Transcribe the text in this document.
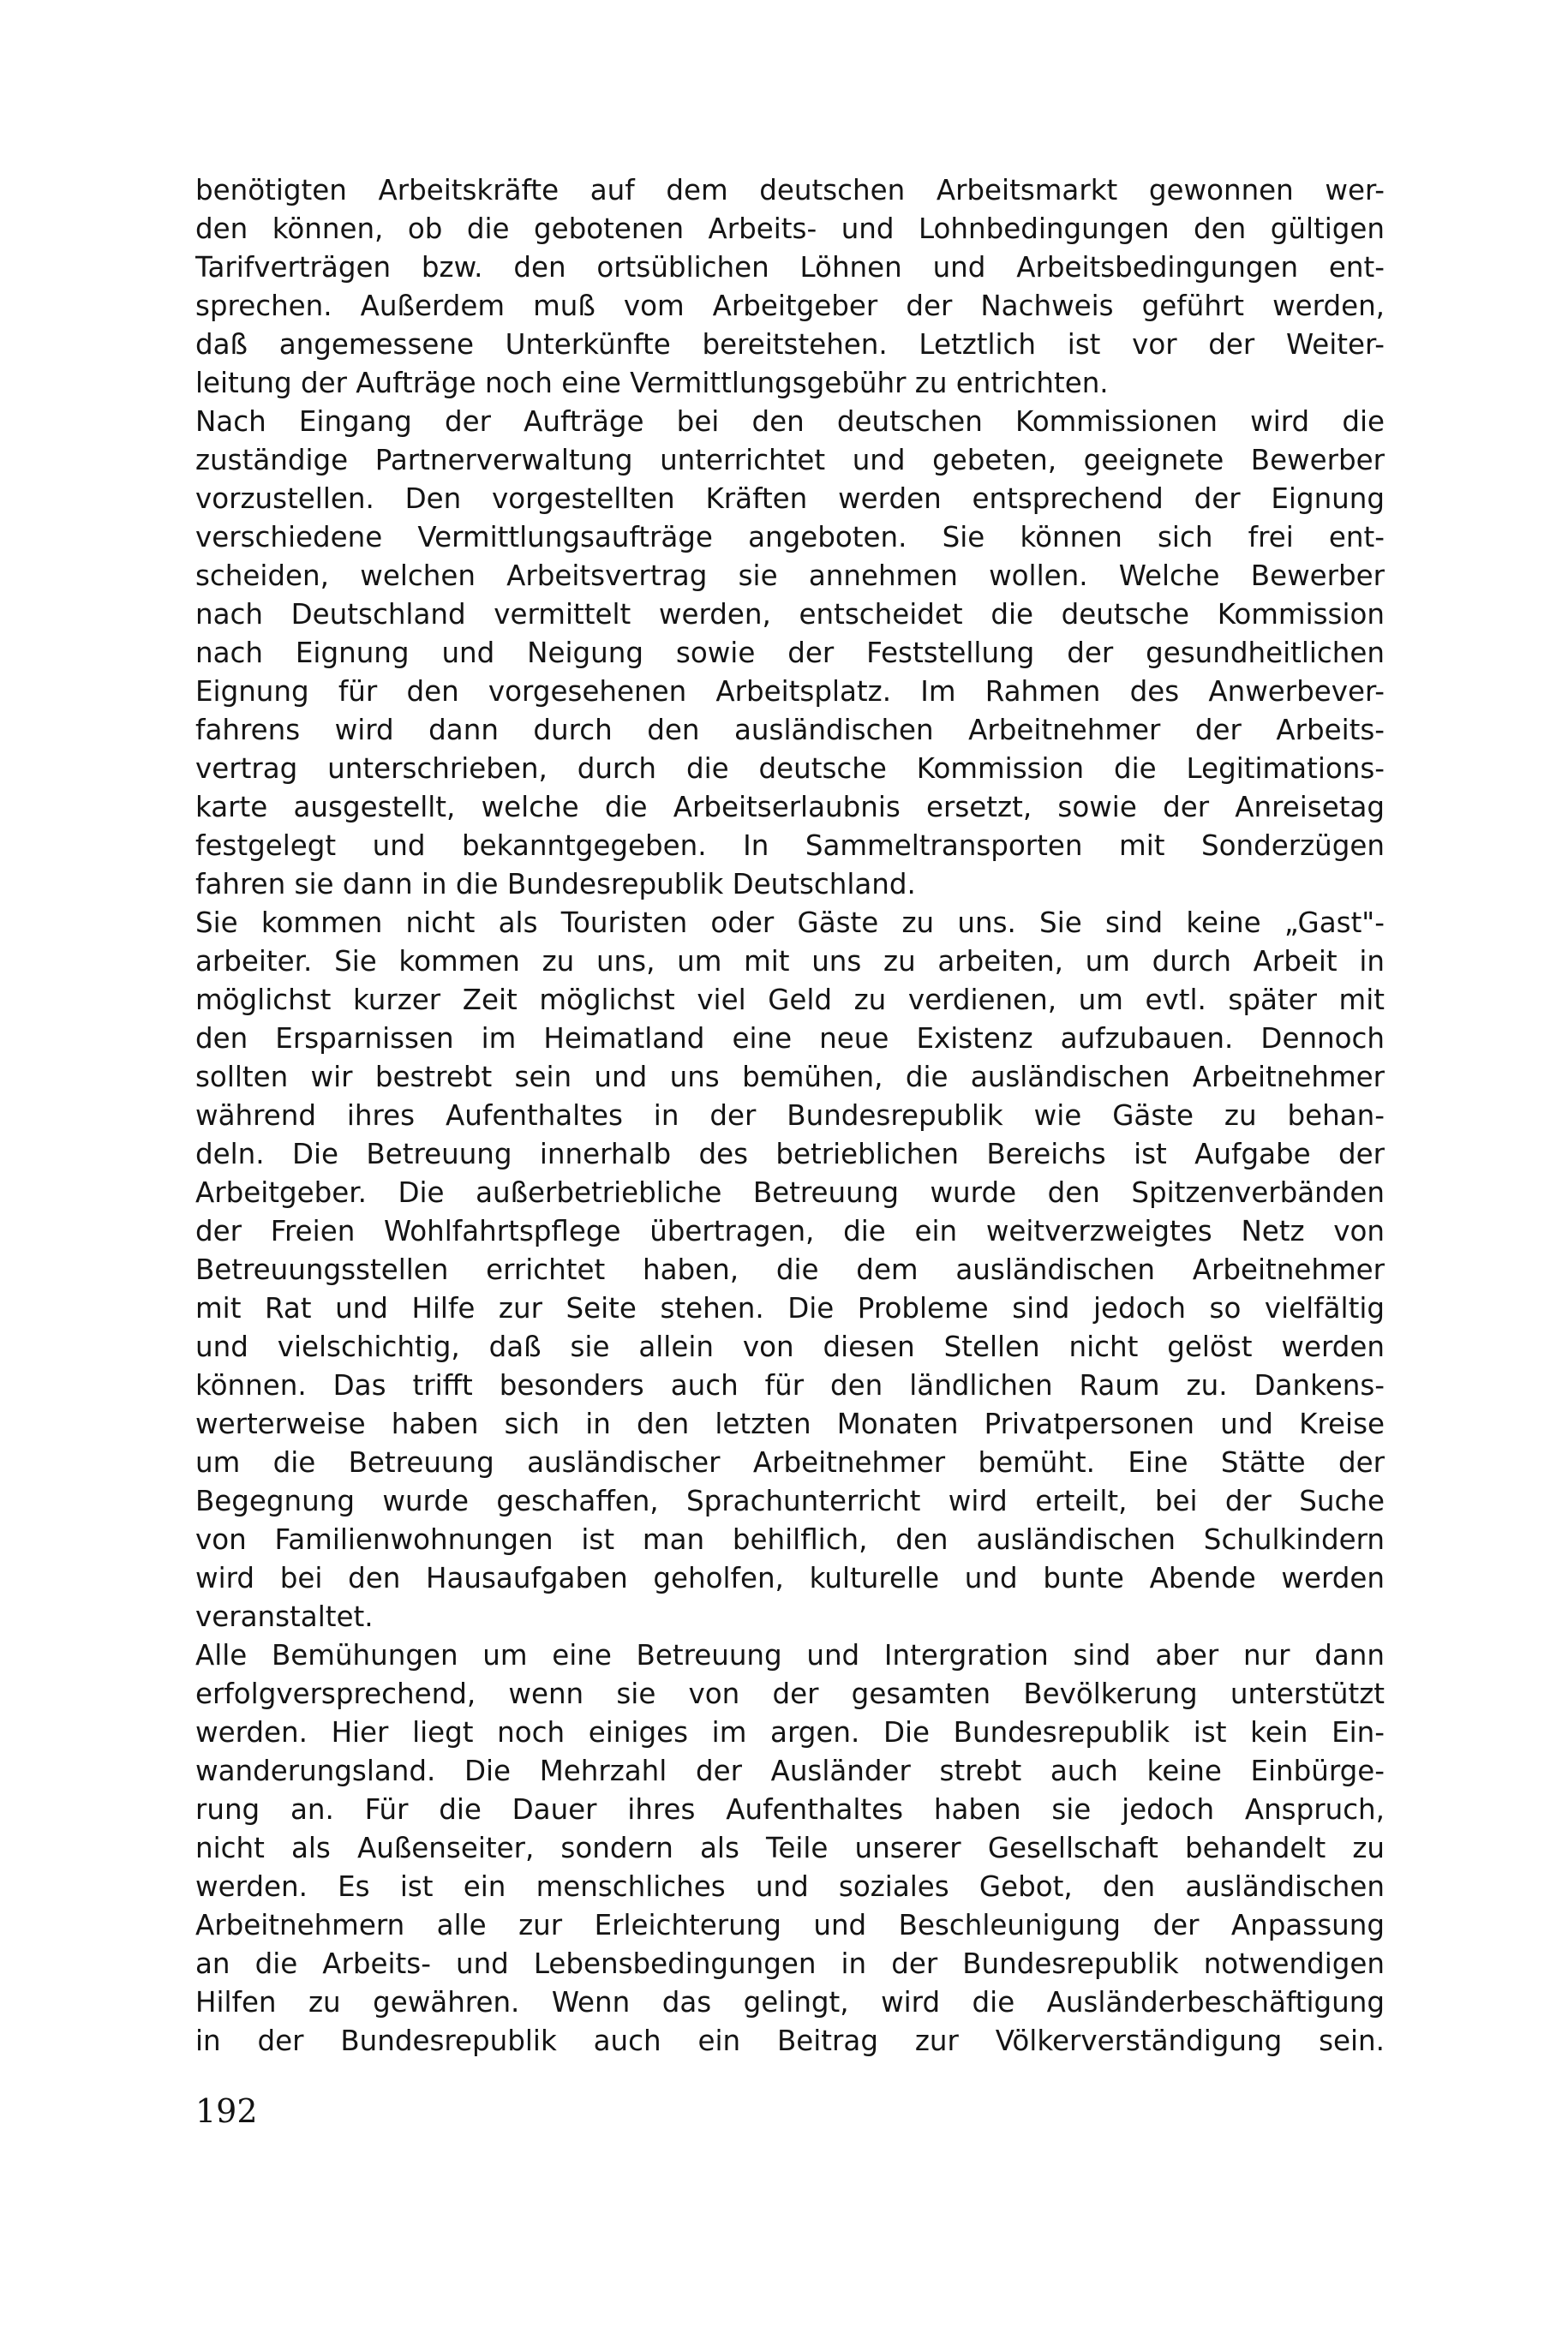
benötigten Arbeitskräfte auf dem deutschen Arbeitsmarkt gewonnen wer-
den können, ob die gebotenen Arbeits- und Lohnbedingungen den gültigen
Tarifverträgen bzw. den ortsüblichen Löhnen und Arbeitsbedingungen ent-
sprechen. Außerdem muß vom Arbeitgeber der Nachweis geführt werden,
daß angemessene Unterkünfte bereitstehen. Letztlich ist vor der Weiter-
leitung der Aufträge noch eine Vermittlungsgebühr zu entrichten.
Nach Eingang der Aufträge bei den deutschen Kommissionen wird die
zuständige Partnerverwaltung unterrichtet und gebeten, geeignete Bewerber
vorzustellen. Den vorgestellten Kräften werden entsprechend der Eignung
verschiedene Vermittlungsaufträge angeboten. Sie können sich frei ent-
scheiden, welchen Arbeitsvertrag sie annehmen wollen. Welche Bewerber
nach Deutschland vermittelt werden, entscheidet die deutsche Kommission
nach Eignung und Neigung sowie der Feststellung der gesundheitlichen
Eignung für den vorgesehenen Arbeitsplatz. Im Rahmen des Anwerbever-
fahrens wird dann durch den ausländischen Arbeitnehmer der Arbeits-
vertrag unterschrieben, durch die deutsche Kommission die Legitimations-
karte ausgestellt, welche die Arbeitserlaubnis ersetzt, sowie der Anreisetag
festgelegt und bekanntgegeben. In Sammeltransporten mit Sonderzügen
fahren sie dann in die Bundesrepublik Deutschland.
Sie kommen nicht als Touristen oder Gäste zu uns. Sie sind keine „Gast"-
arbeiter. Sie kommen zu uns, um mit uns zu arbeiten, um durch Arbeit in
möglichst kurzer Zeit möglichst viel Geld zu verdienen, um evtl. später mit
den Ersparnissen im Heimatland eine neue Existenz aufzubauen. Dennoch
sollten wir bestrebt sein und uns bemühen, die ausländischen Arbeitnehmer
während ihres Aufenthaltes in der Bundesrepublik wie Gäste zu behan-
deln. Die Betreuung innerhalb des betrieblichen Bereichs ist Aufgabe der
Arbeitgeber. Die außerbetriebliche Betreuung wurde den Spitzenverbänden
der Freien Wohlfahrtspflege übertragen, die ein weitverzweigtes Netz von
Betreuungsstellen errichtet haben, die dem ausländischen Arbeitnehmer
mit Rat und Hilfe zur Seite stehen. Die Probleme sind jedoch so vielfältig
und vielschichtig, daß sie allein von diesen Stellen nicht gelöst werden
können. Das trifft besonders auch für den ländlichen Raum zu. Dankens-
werterweise haben sich in den letzten Monaten Privatpersonen und Kreise
um die Betreuung ausländischer Arbeitnehmer bemüht. Eine Stätte der
Begegnung wurde geschaffen, Sprachunterricht wird erteilt, bei der Suche
von Familienwohnungen ist man behilflich, den ausländischen Schulkindern
wird bei den Hausaufgaben geholfen, kulturelle und bunte Abende werden
veranstaltet.
Alle Bemühungen um eine Betreuung und Intergration sind aber nur dann
erfolgversprechend, wenn sie von der gesamten Bevölkerung unterstützt
werden. Hier liegt noch einiges im argen. Die Bundesrepublik ist kein Ein-
wanderungsland. Die Mehrzahl der Ausländer strebt auch keine Einbürge-
rung an. Für die Dauer ihres Aufenthaltes haben sie jedoch Anspruch,
nicht als Außenseiter, sondern als Teile unserer Gesellschaft behandelt zu
werden. Es ist ein menschliches und soziales Gebot, den ausländischen
Arbeitnehmern alle zur Erleichterung und Beschleunigung der Anpassung
an die Arbeits- und Lebensbedingungen in der Bundesrepublik notwendigen
Hilfen zu gewähren. Wenn das gelingt, wird die Ausländerbeschäftigung
in der Bundesrepublik auch ein Beitrag zur Völkerverständigung sein.
192
